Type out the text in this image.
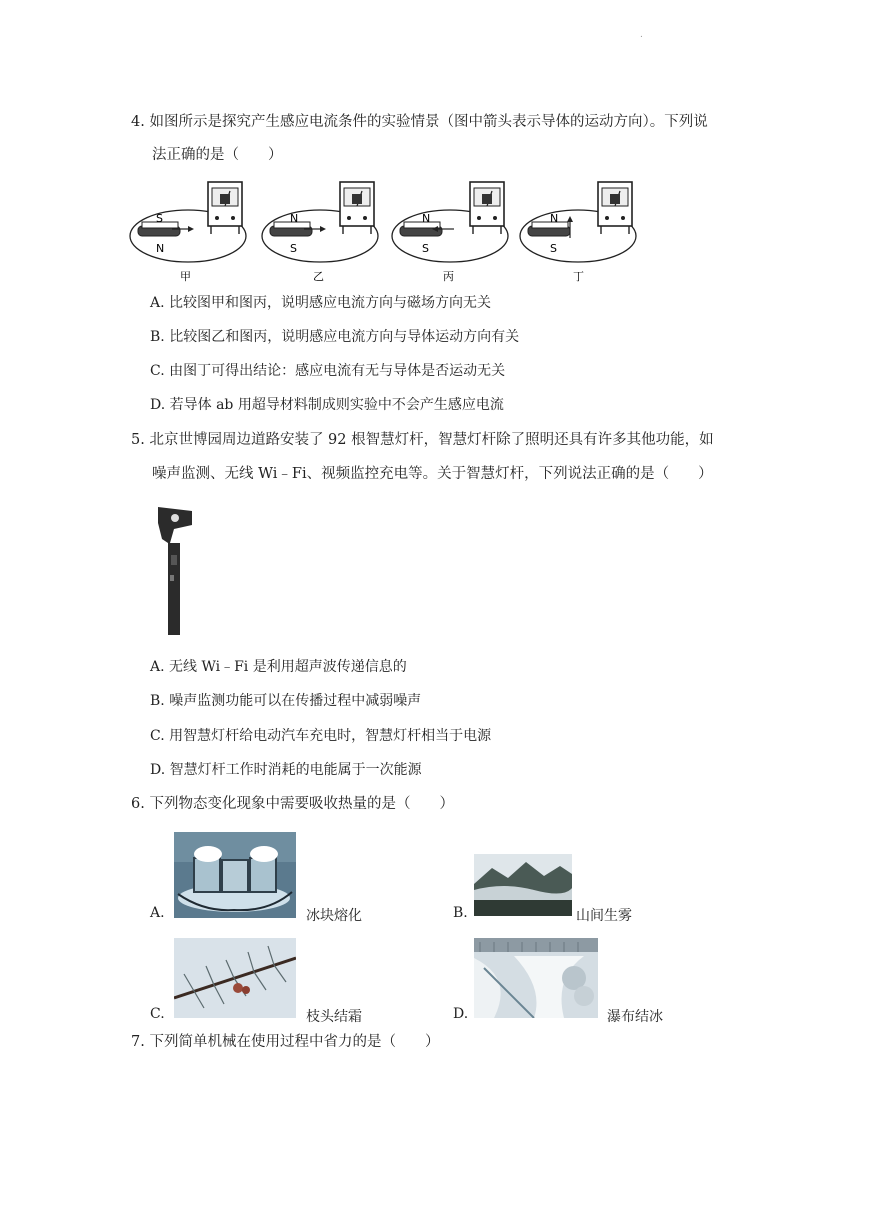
.
4. 如图所示是探究产生感应电流条件的实验情景（图中箭头表示导体的运动方向）。下列说
法正确的是（　　）
S
N
N
S
N
S
N
S
甲	乙	丙	丁
A. 比较图甲和图丙，说明感应电流方向与磁场方向无关
B. 比较图乙和图丙，说明感应电流方向与导体运动方向有关
C. 由图丁可得出结论：感应电流有无与导体是否运动无关
D. 若导体 ab 用超导材料制成则实验中不会产生感应电流
5. 北京世博园周边道路安装了 92 根智慧灯杆，智慧灯杆除了照明还具有许多其他功能，如
噪声监测、无线 Wi﹣Fi、视频监控充电等。关于智慧灯杆，下列说法正确的是（　　）
A. 无线 Wi﹣Fi 是利用超声波传递信息的
B. 噪声监测功能可以在传播过程中减弱噪声
C. 用智慧灯杆给电动汽车充电时，智慧灯杆相当于电源
D. 智慧灯杆工作时消耗的电能属于一次能源
6. 下列物态变化现象中需要吸收热量的是（　　）
A.	冰块熔化	B.	山间生雾
C.	枝头结霜	D.	瀑布结冰
7. 下列简单机械在使用过程中省力的是（　　）
